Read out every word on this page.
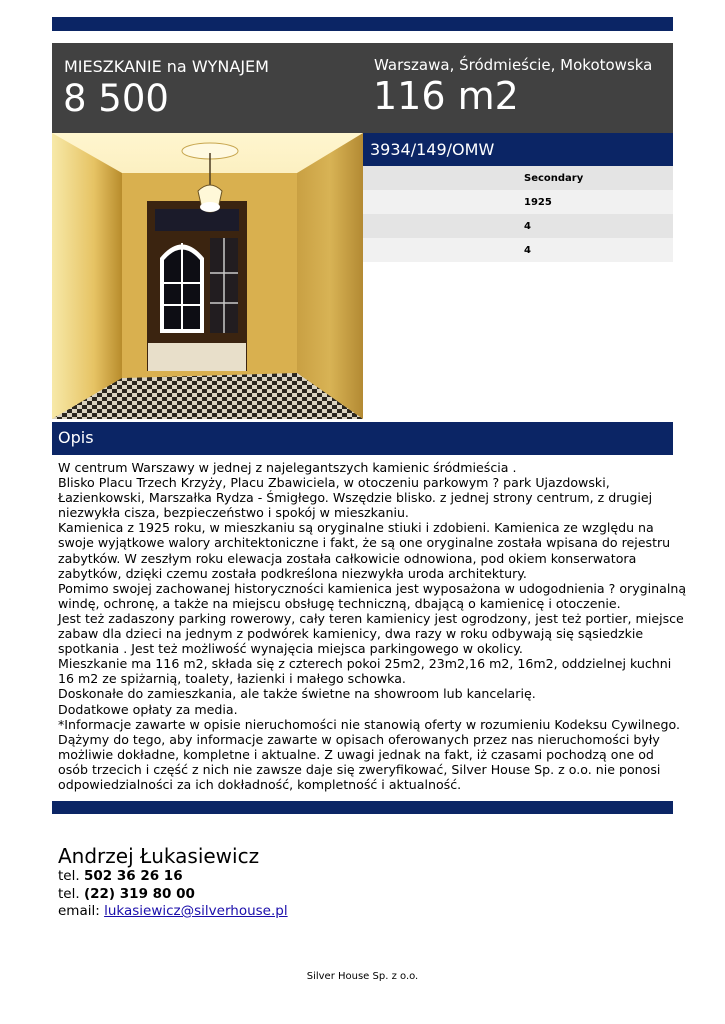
MIESZKANIE na WYNAJEM
8 500
Warszawa, Śródmieście, Mokotowska
116 m2
3934/149/OMW
Secondary
1925
4
4
Opis

W centrum Warszawy w jednej z najelegantszych kamienic śródmieścia .

Blisko Placu Trzech Krzyży, Placu Zbawiciela, w otoczeniu parkowym ? park Ujazdowski,

Łazienkowski, Marszałka Rydza - Śmigłego. Wszędzie blisko. z jednej strony centrum, z drugiej

niezwykła cisza, bezpieczeństwo i spokój w mieszkaniu.

Kamienica z 1925 roku, w mieszkaniu są oryginalne stiuki i zdobieni. Kamienica ze względu na

swoje wyjątkowe walory architektoniczne i fakt, że są one oryginalne została wpisana do rejestru

zabytków. W zeszłym roku elewacja została całkowicie odnowiona, pod okiem konserwatora

zabytków, dzięki czemu została podkreślona niezwykła uroda architektury.

Pomimo swojej zachowanej historyczności kamienica jest wyposażona w udogodnienia ? oryginalną

windę, ochronę, a także na miejscu obsługę techniczną, dbającą o kamienicę i otoczenie.

Jest też zadaszony parking rowerowy, cały teren kamienicy jest ogrodzony, jest też portier, miejsce

zabaw dla dzieci na jednym z podwórek kamienicy, dwa razy w roku odbywają się sąsiedzkie

spotkania . Jest też możliwość wynajęcia miejsca parkingowego w okolicy.

Mieszkanie ma 116 m2, składa się z czterech pokoi 25m2, 23m2,16 m2, 16m2, oddzielnej kuchni

16 m2 ze spiżarnią, toalety, łazienki i małego schowka.

Doskonałe do zamieszkania, ale także świetne na showroom lub kancelarię.

Dodatkowe opłaty za media.

*Informacje zawarte w opisie nieruchomości nie stanowią oferty w rozumieniu Kodeksu Cywilnego.

Dążymy do tego, aby informacje zawarte w opisach oferowanych przez nas nieruchomości były

możliwie dokładne, kompletne i aktualne. Z uwagi jednak na fakt, iż czasami pochodzą one od

osób trzecich i część z nich nie zawsze daje się zweryfikować, Silver House Sp. z o.o. nie ponosi

odpowiedzialności za ich dokładność, kompletność i aktualność.

Andrzej Łukasiewicz
tel. 502 36 26 16
tel. (22) 319 80 00
email: lukasiewicz@silverhouse.pl
Silver House Sp. z o.o.
